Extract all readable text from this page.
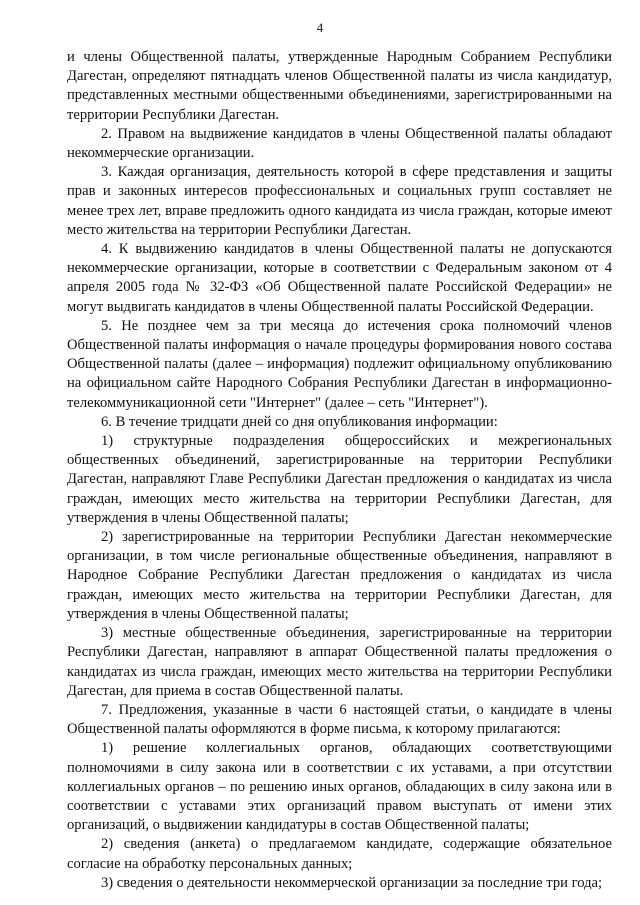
4

и члены Общественной палаты, утвержденные Народным Собранием Республики Дагестан, определяют пятнадцать членов Общественной палаты из числа кандидатур, представленных местными общественными объединениями, зарегистрированными на территории Республики Дагестан.

2. Правом на выдвижение кандидатов в члены Общественной палаты обладают некоммерческие организации.

3. Каждая организация, деятельность которой в сфере представления и защиты прав и законных интересов профессиональных и социальных групп составляет не менее трех лет, вправе предложить одного кандидата из числа граждан, которые имеют место жительства на территории Республики Дагестан.

4. К выдвижению кандидатов в члены Общественной палаты не допускаются некоммерческие организации, которые в соответствии с Федеральным законом от 4 апреля 2005 года № 32-ФЗ «Об Общественной палате Российской Федерации» не могут выдвигать кандидатов в члены Общественной палаты Российской Федерации.

5. Не позднее чем за три месяца до истечения срока полномочий членов Общественной палаты информация о начале процедуры формирования нового состава Общественной палаты (далее – информация) подлежит официальному опубликованию на официальном сайте Народного Собрания Республики Дагестан в информационно-телекоммуникационной сети "Интернет" (далее – сеть "Интернет").

6. В течение тридцати дней со дня опубликования информации:

1) структурные подразделения общероссийских и межрегиональных общественных объединений, зарегистрированные на территории Республики Дагестан, направляют Главе Республики Дагестан предложения о кандидатах из числа граждан, имеющих место жительства на территории Республики Дагестан, для утверждения в члены Общественной палаты;

2) зарегистрированные на территории Республики Дагестан некоммерческие организации, в том числе региональные общественные объединения, направляют в Народное Собрание Республики Дагестан предложения о кандидатах из числа граждан, имеющих место жительства на территории Республики Дагестан, для утверждения в члены Общественной палаты;

3) местные общественные объединения, зарегистрированные на территории Республики Дагестан, направляют в аппарат Общественной палаты предложения о кандидатах из числа граждан, имеющих место жительства на территории Республики Дагестан, для приема в состав Общественной палаты.

7. Предложения, указанные в части 6 настоящей статьи, о кандидате в члены Общественной палаты оформляются в форме письма, к которому прилагаются:

1) решение коллегиальных органов, обладающих соответствующими полномочиями в силу закона или в соответствии с их уставами, а при отсутствии коллегиальных органов – по решению иных органов, обладающих в силу закона или в соответствии с уставами этих организаций правом выступать от имени этих организаций, о выдвижении кандидатуры в состав Общественной палаты;

2) сведения (анкета) о предлагаемом кандидате, содержащие обязательное согласие на обработку персональных данных;

3) сведения о деятельности некоммерческой организации за последние три года;
